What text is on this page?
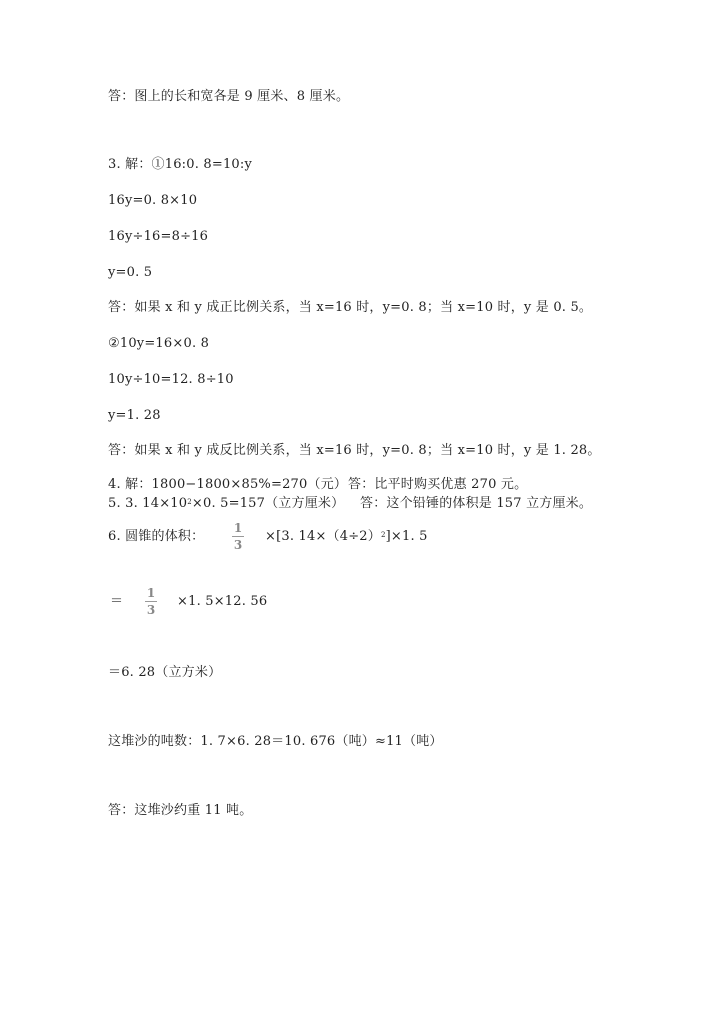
答：图上的长和宽各是 9 厘米、8 厘米。
3. 解：①16:0. 8=10:y
16y=0. 8×10
16y÷16=8÷16
y=0. 5
答：如果 x 和 y 成正比例关系，当 x=16 时，y=0. 8；当 x=10 时，y 是 0. 5。
②10y=16×0. 8
10y÷10=12. 8÷10
y=1. 28
答：如果 x 和 y 成反比例关系，当 x=16 时，y=0. 8；当 x=10 时，y 是 1. 28。
4. 解：1800−1800×85%=270（元） 答：比平时购买优惠 270 元。
5. 3. $14\times 10^2\times 0$. 5=157（立方厘米） 答：这个铅锤的体积是 157 立方厘米。
6. 圆锥的体积：
1
3
×[3. $14\times(4\div 2)^2]\times 1$. 5
＝
1
3
×1. 5×12. 56
＝6. 28（立方米）
这堆沙的吨数：1. 7×6. 28＝10. 676（吨）≈11（吨）
答：这堆沙约重 11 吨。
